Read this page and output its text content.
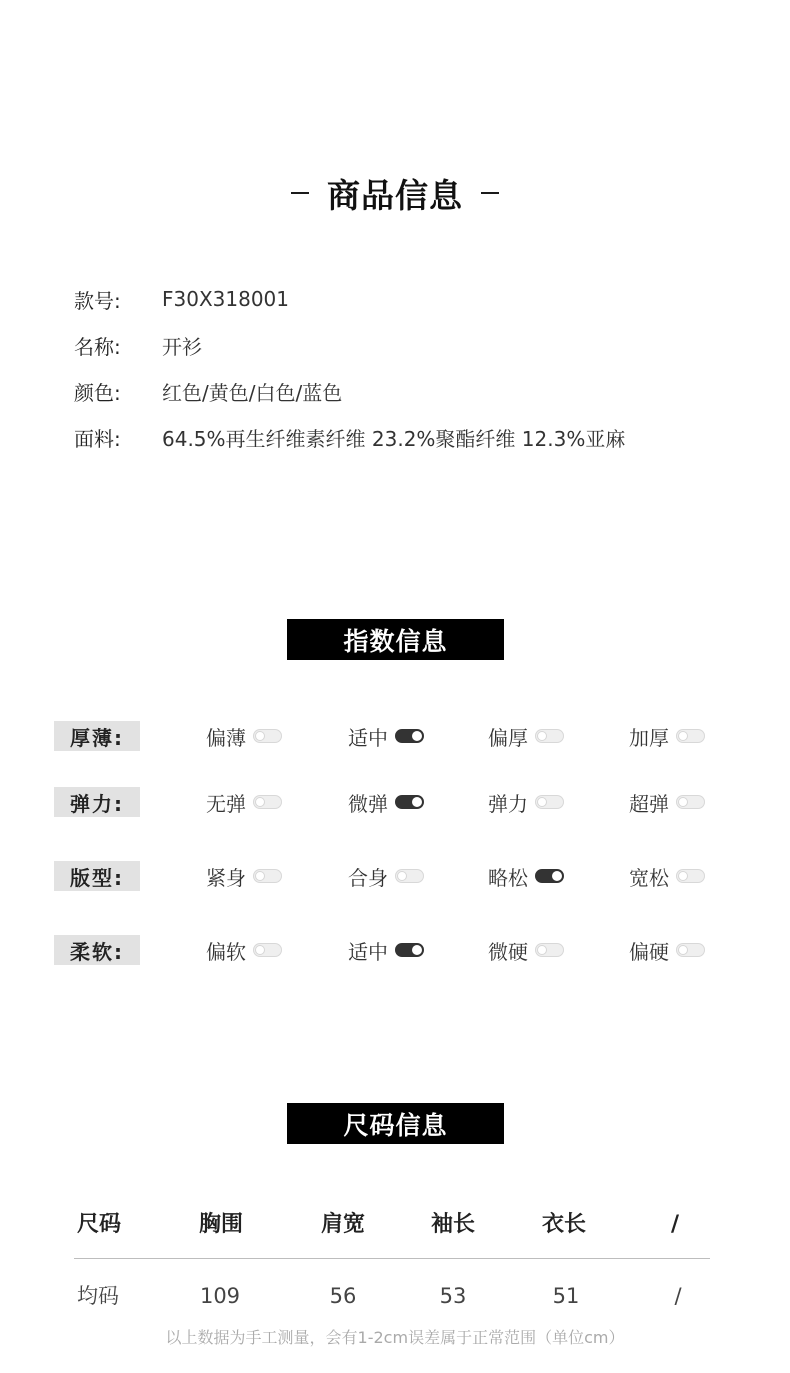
商品信息
款号:	F30X318001
名称:	开衫
颜色:	红色/黄色/白色/蓝色
面料:	64.5%再生纤维素纤维 23.2%聚酯纤维 12.3%亚麻
指数信息
厚薄:	偏薄	适中	偏厚	加厚
弹力:	无弹	微弹	弹力	超弹
版型:	紧身	合身	略松	宽松
柔软:	偏软	适中	微硬	偏硬
尺码信息
尺码	胸围	肩宽	袖长	衣长	/
均码	109	56	53	51	/
以上数据为手工测量，会有1-2cm误差属于正常范围（单位cm）
